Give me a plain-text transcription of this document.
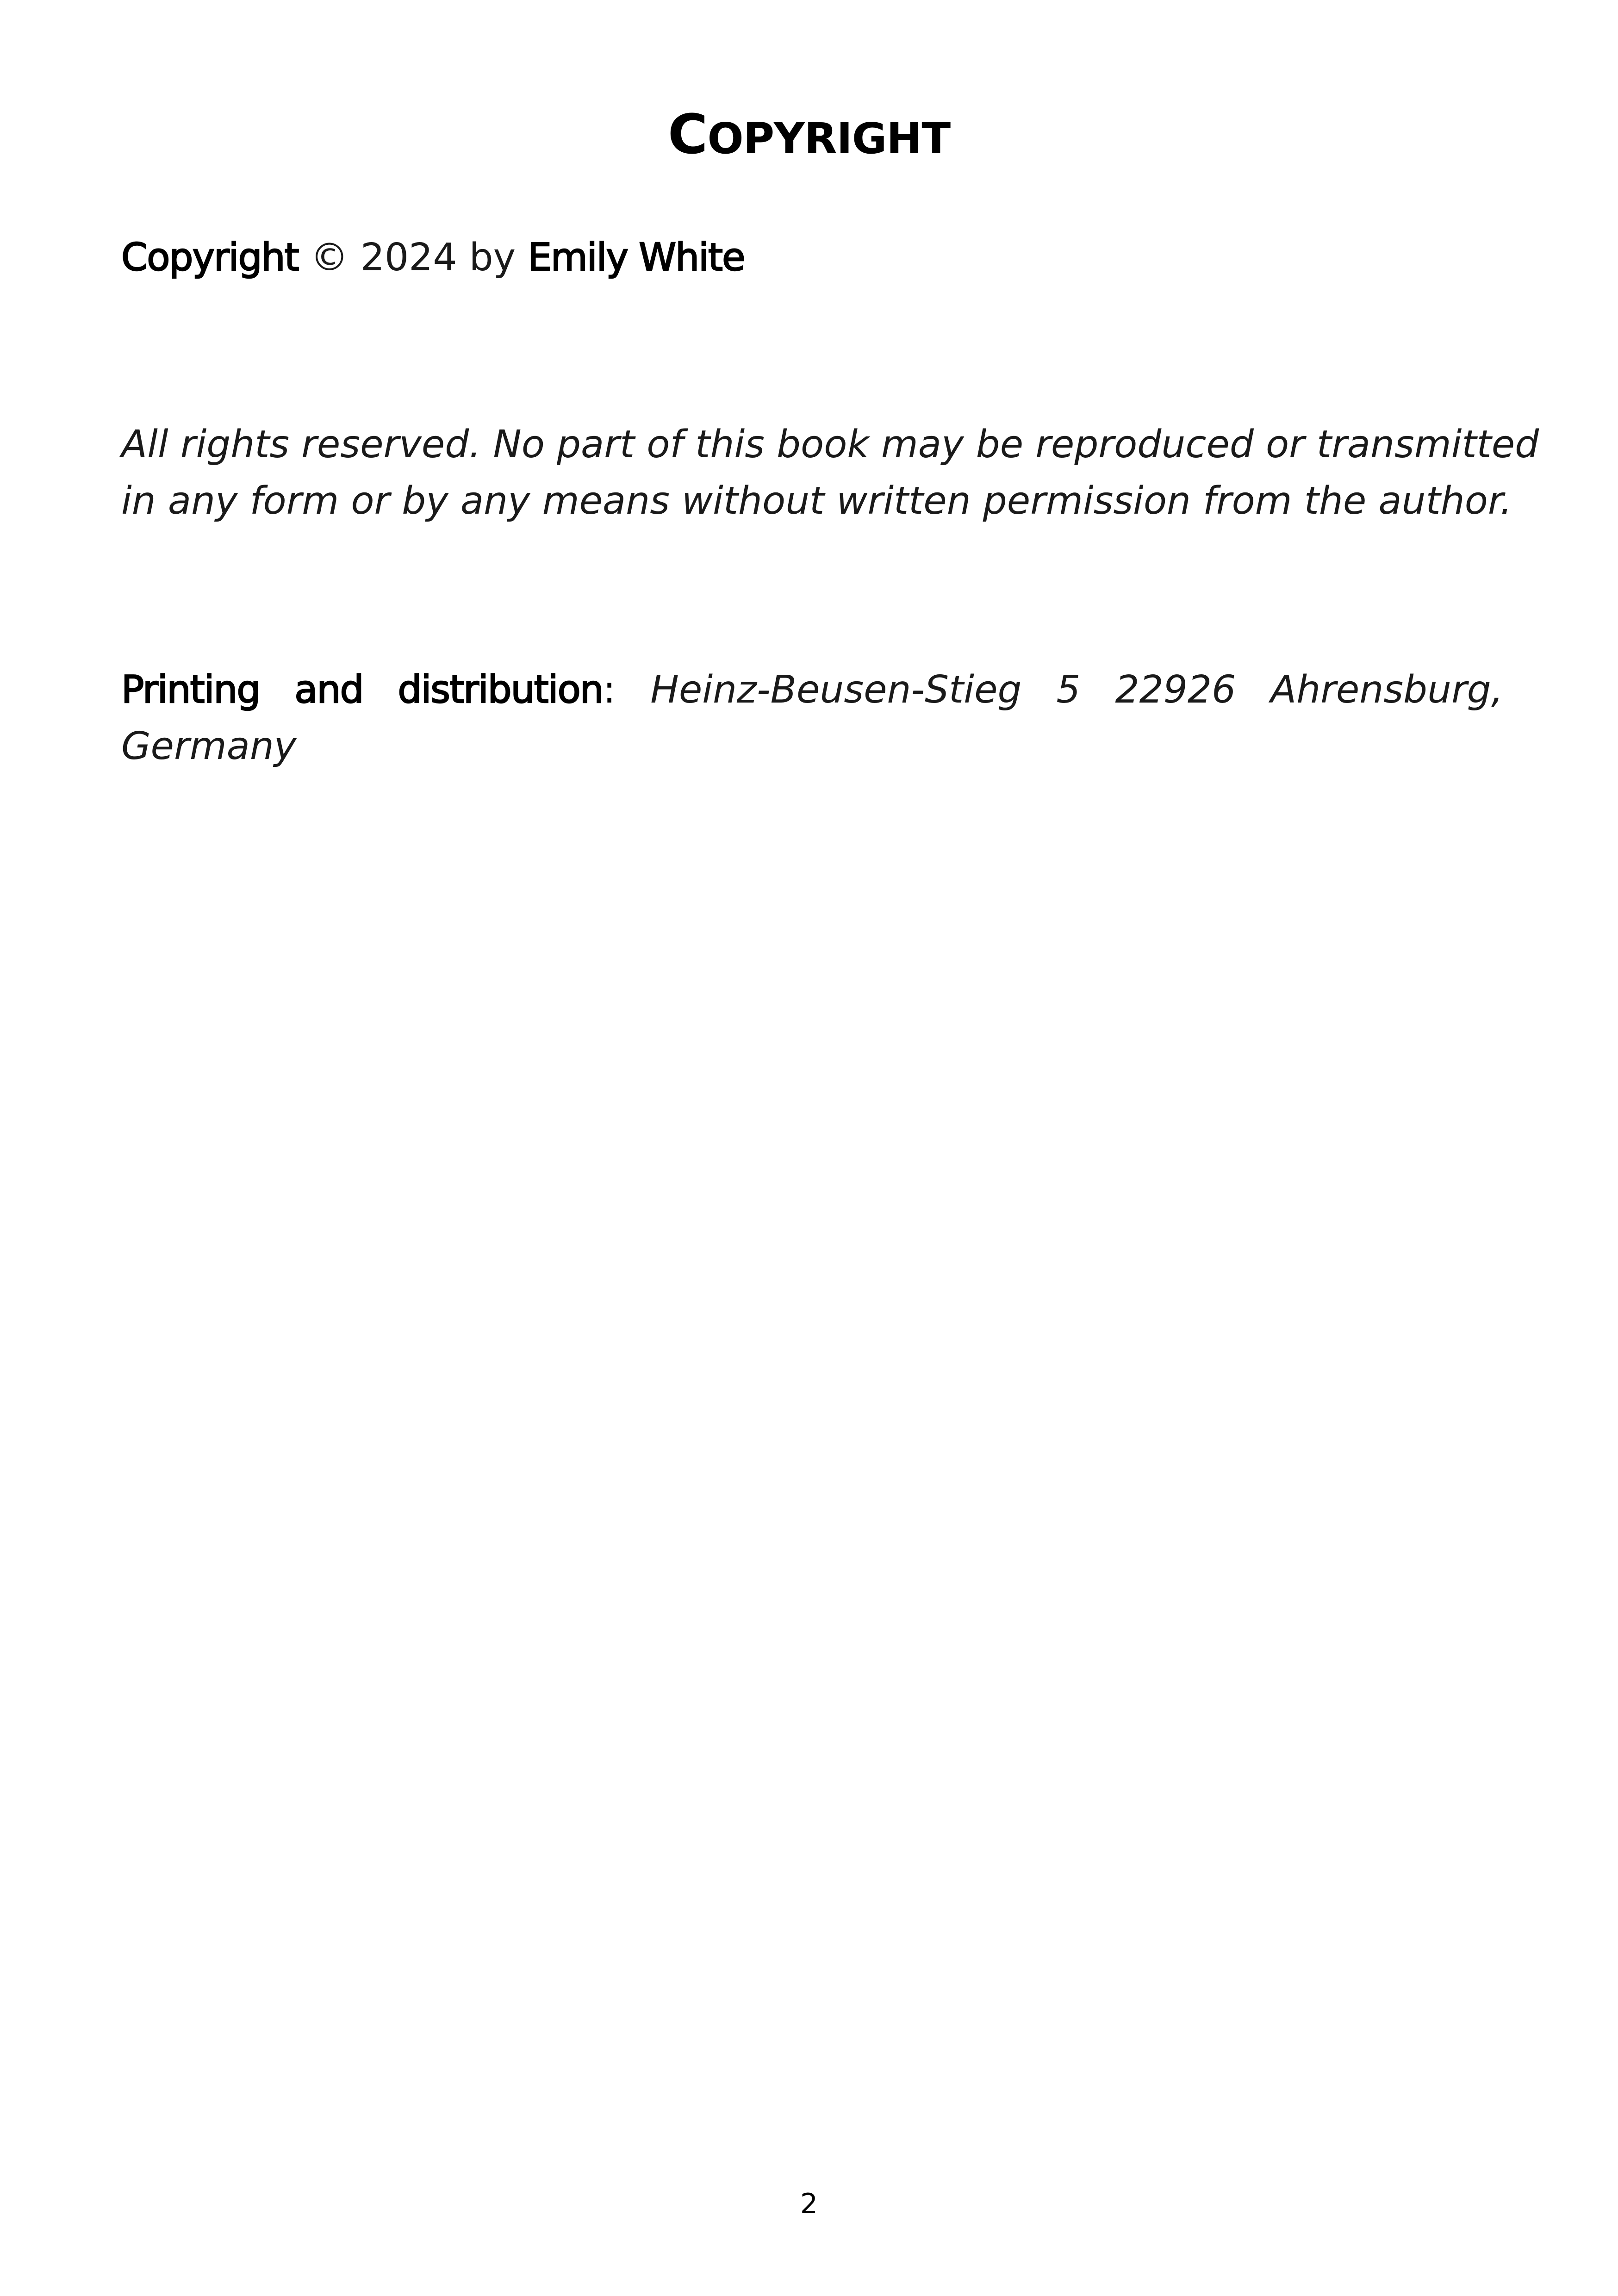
COPYRIGHT
Copyright © 2024 by Emily White

All rights reserved. No part of this book may be reproduced or transmitted
in any form or by any means without written permission from the author.

Printing and distribution: Heinz-Beusen-Stieg 5 22926 Ahrensburg,
Germany
2
